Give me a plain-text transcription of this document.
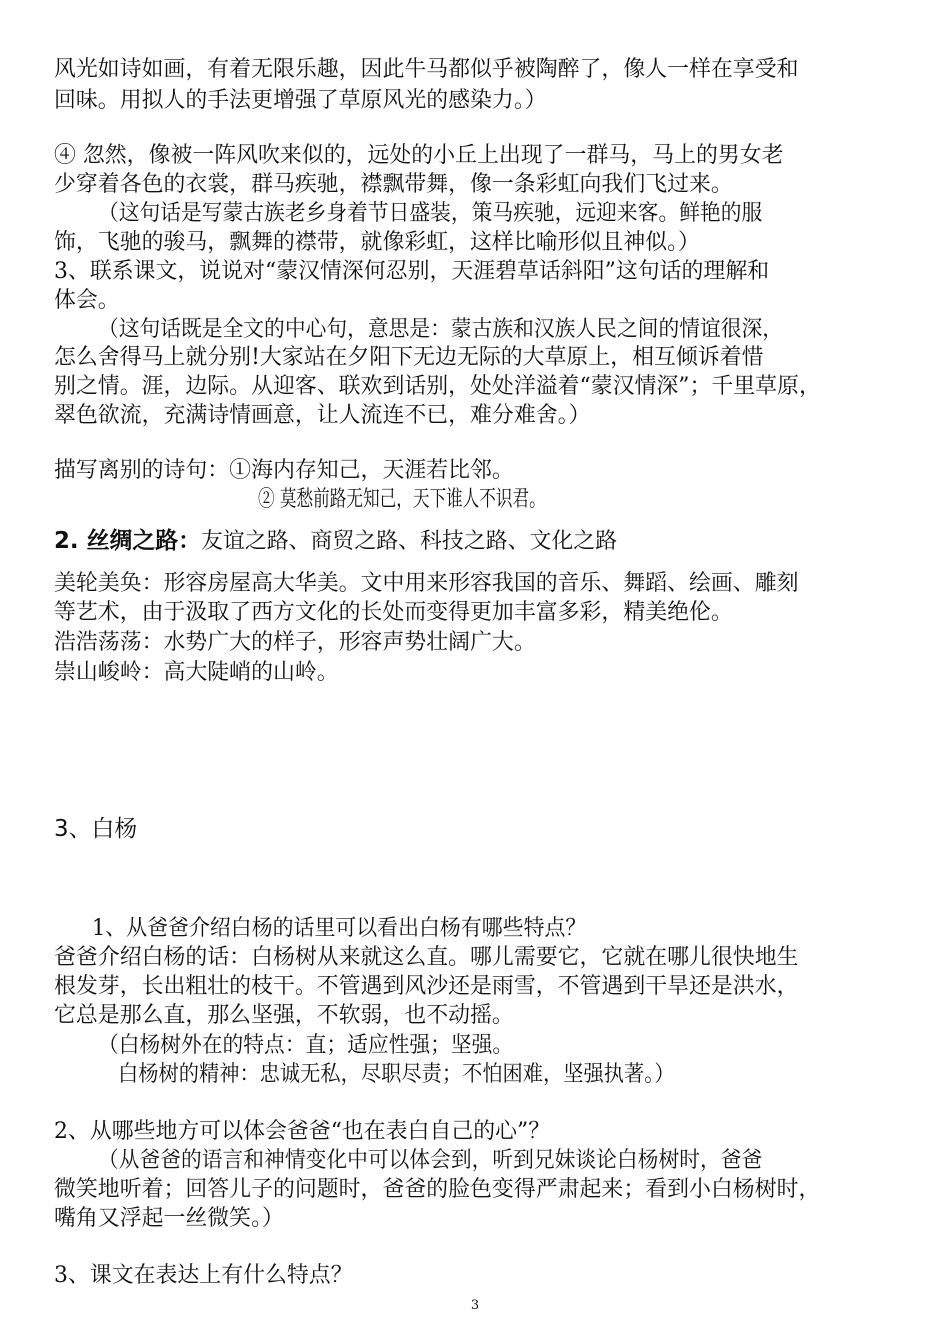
风光如诗如画，有着无限乐趣，因此牛马都似乎被陶醉了，像人一样在享受和
回味。用拟人的手法更增强了草原风光的感染力。）
④ 忽然，像被一阵风吹来似的，远处的小丘上出现了一群马，马上的男女老
少穿着各色的衣裳，群马疾驰，襟飘带舞，像一条彩虹向我们飞过来。
（这句话是写蒙古族老乡身着节日盛装，策马疾驰，远迎来客。鲜艳的服
饰，飞驰的骏马，飘舞的襟带，就像彩虹，这样比喻形似且神似。）
3、联系课文，说说对“蒙汉情深何忍别，天涯碧草话斜阳”这句话的理解和
体会。
（这句话既是全文的中心句，意思是：蒙古族和汉族人民之间的情谊很深，
怎么舍得马上就分别!大家站在夕阳下无边无际的大草原上，相互倾诉着惜
别之情。涯，边际。从迎客、联欢到话别，处处洋溢着“蒙汉情深”；千里草原，
翠色欲流，充满诗情画意，让人流连不已，难分难舍。）
描写离别的诗句：①海内存知己，天涯若比邻。
② 莫愁前路无知己，天下谁人不识君。
2. 丝绸之路：友谊之路、商贸之路、科技之路、文化之路
美轮美奂：形容房屋高大华美。文中用来形容我国的音乐、舞蹈、绘画、雕刻
等艺术，由于汲取了西方文化的长处而变得更加丰富多彩，精美绝伦。
浩浩荡荡：水势广大的样子，形容声势壮阔广大。
崇山峻岭：高大陡峭的山岭。
3、白杨
1、从爸爸介绍白杨的话里可以看出白杨有哪些特点？
爸爸介绍白杨的话：白杨树从来就这么直。哪儿需要它，它就在哪儿很快地生
根发芽，长出粗壮的枝干。不管遇到风沙还是雨雪，不管遇到干旱还是洪水，
它总是那么直，那么坚强，不软弱，也不动摇。
（白杨树外在的特点：直；适应性强；坚强。
白杨树的精神：忠诚无私，尽职尽责；不怕困难，坚强执著。）
2、从哪些地方可以体会爸爸“也在表白自己的心”？
（从爸爸的语言和神情变化中可以体会到，听到兄妹谈论白杨树时，爸爸
微笑地听着；回答儿子的问题时，爸爸的脸色变得严肃起来；看到小白杨树时，
嘴角又浮起一丝微笑。）
3、课文在表达上有什么特点？
3
